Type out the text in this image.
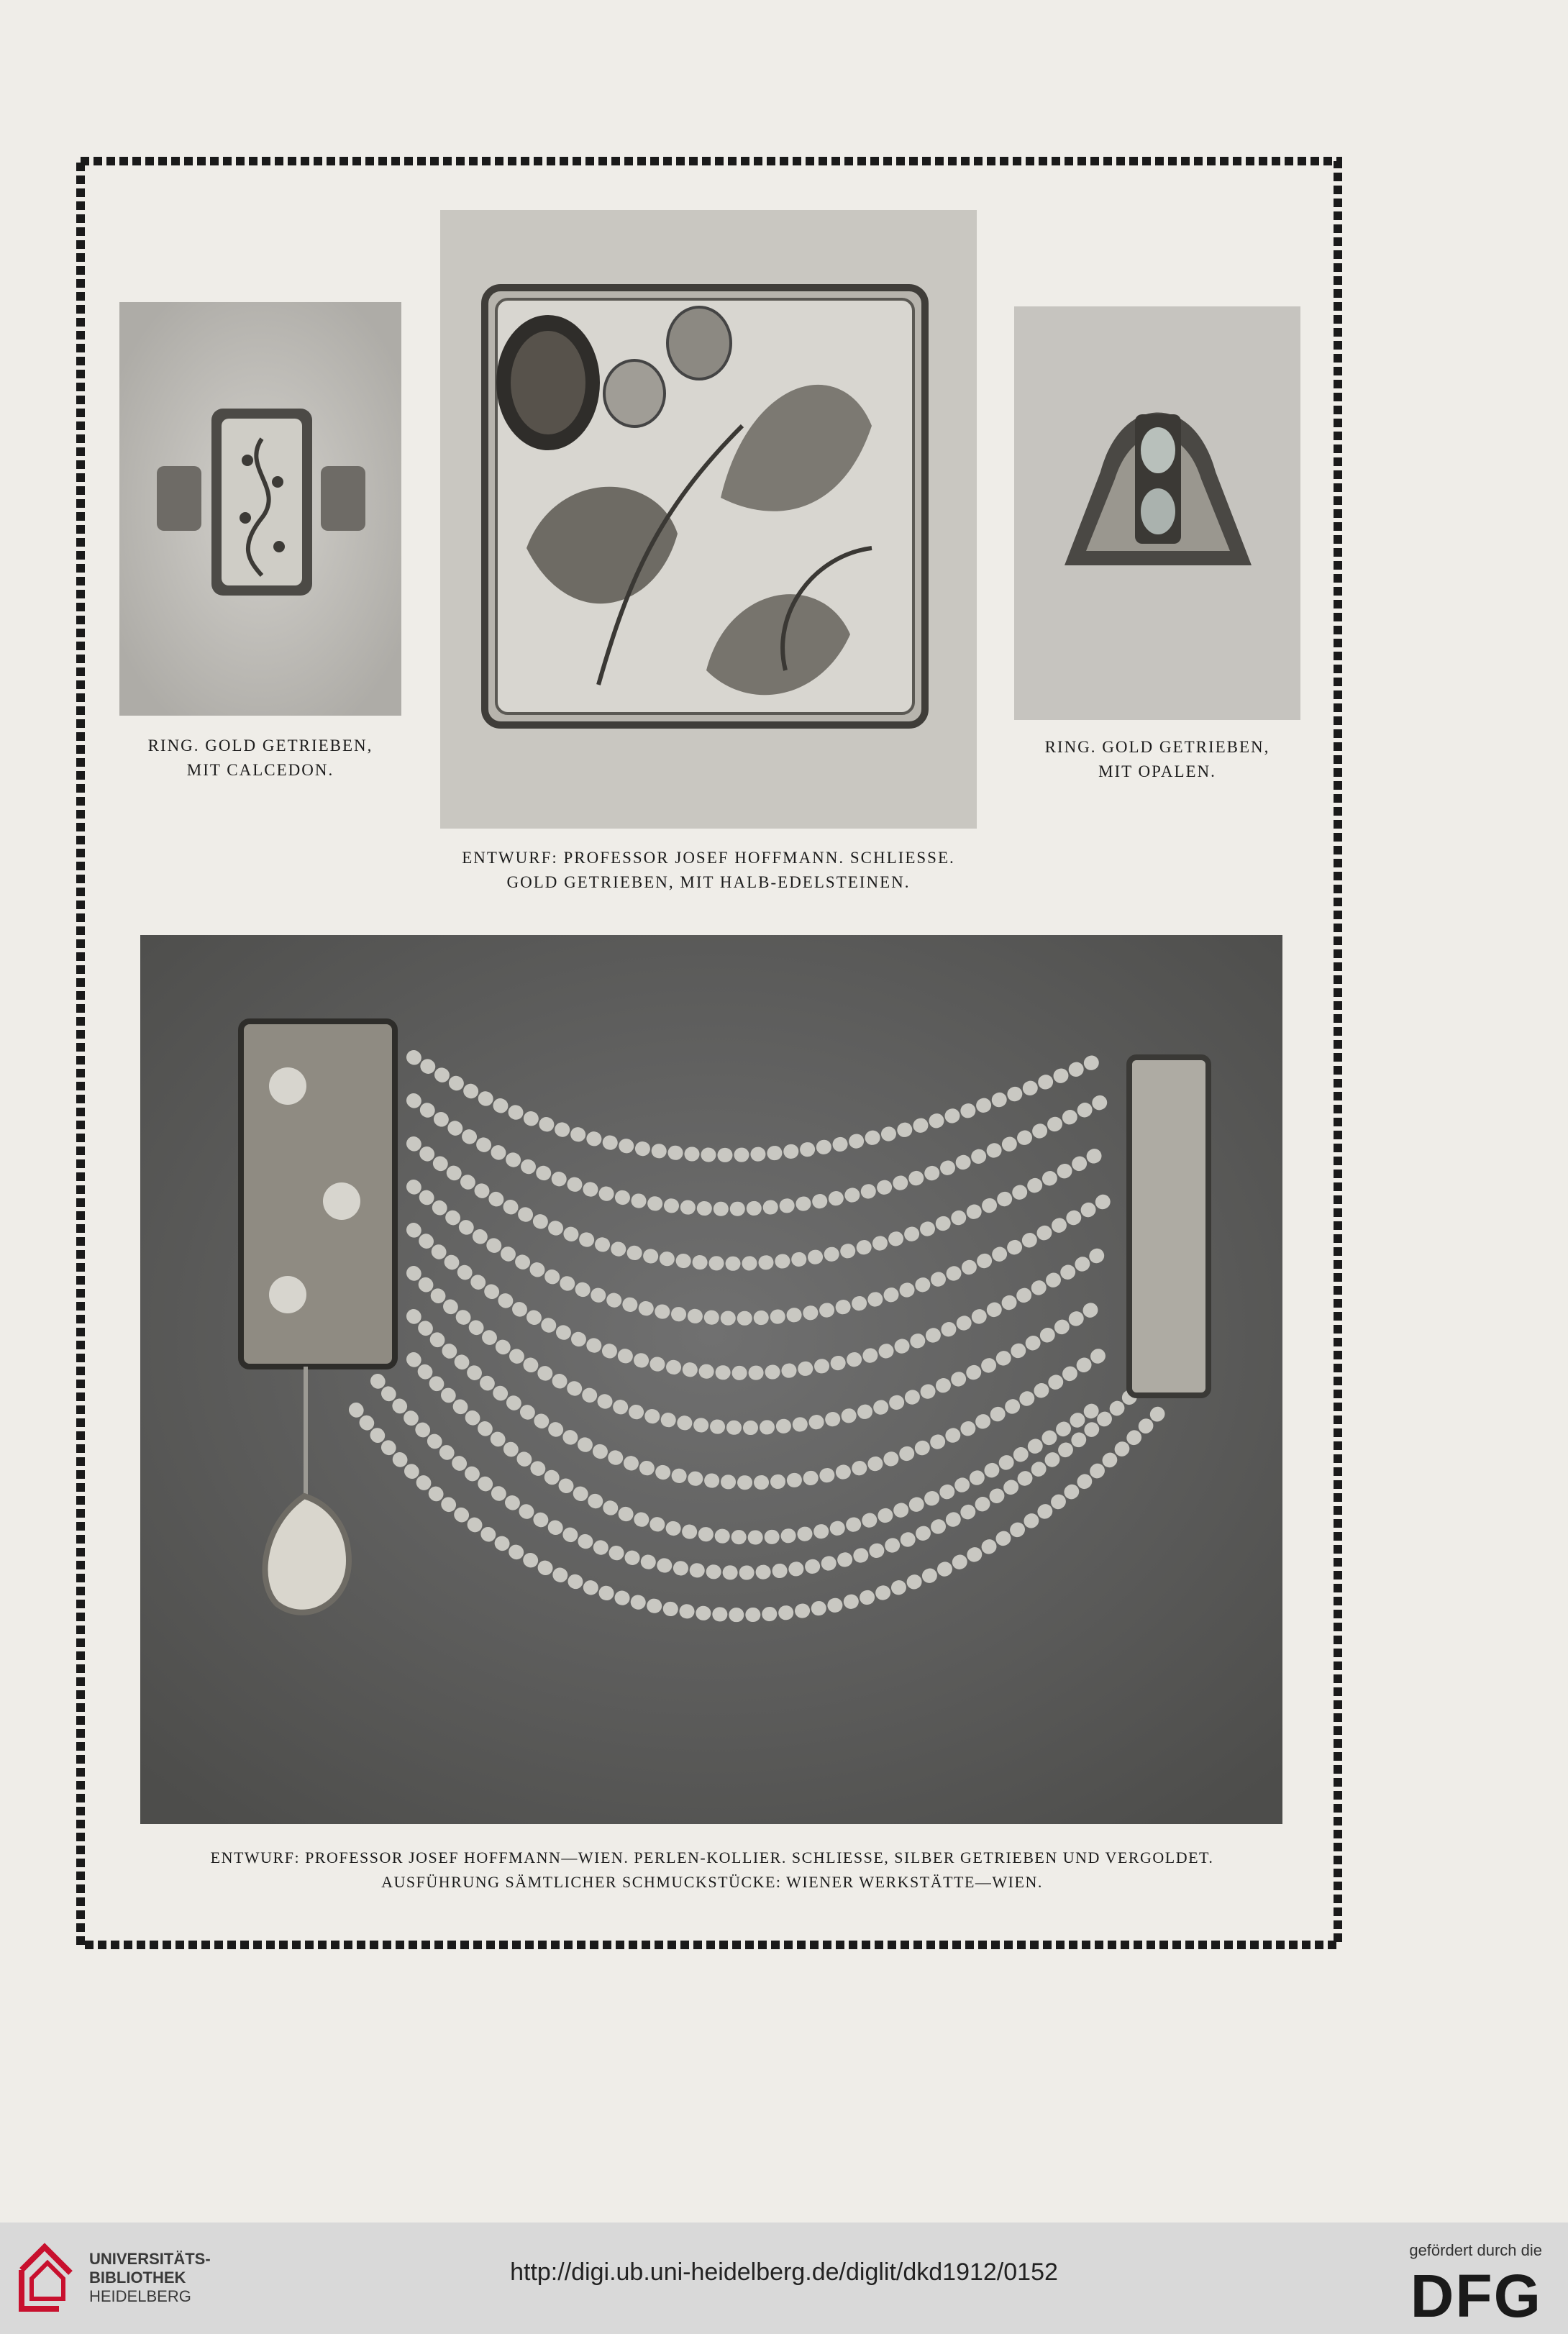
RING. GOLD GETRIEBEN,
MIT CALCEDON.
RING. GOLD GETRIEBEN,
MIT OPALEN.
ENTWURF: PROFESSOR JOSEF HOFFMANN. SCHLIESSE.
GOLD GETRIEBEN, MIT HALB-EDELSTEINEN.
ENTWURF: PROFESSOR JOSEF HOFFMANN—WIEN. PERLEN-KOLLIER. SCHLIESSE, SILBER GETRIEBEN UND VERGOLDET.
AUSFÜHRUNG SÄMTLICHER SCHMUCKSTÜCKE: WIENER WERKSTÄTTE—WIEN.
UNIVERSITÄTS-
BIBLIOTHEK
HEIDELBERG
http://digi.ub.uni-heidelberg.de/diglit/dkd1912/0152
gefördert durch die
DFG
